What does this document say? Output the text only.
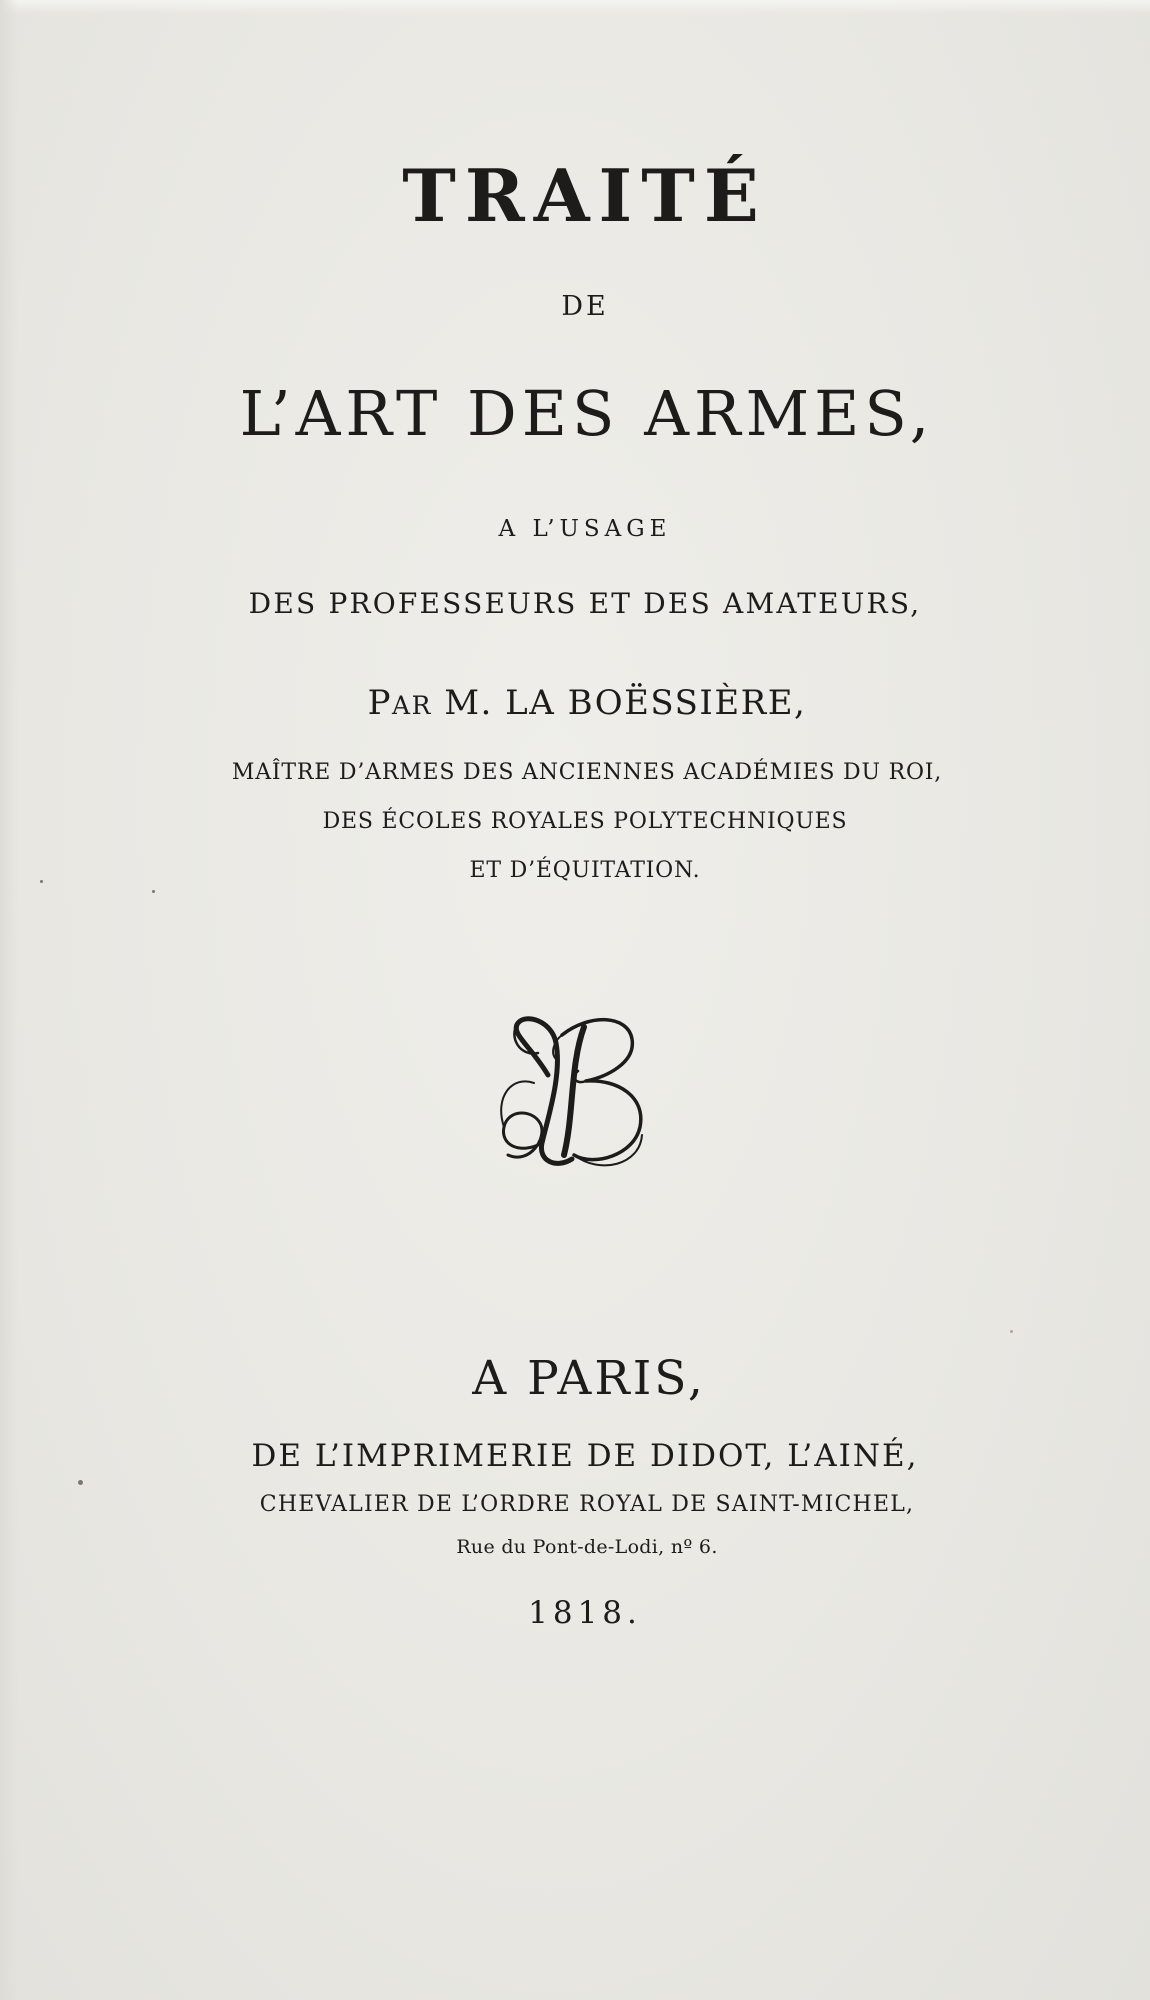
TRAITÉ
DE
L’ART DES ARMES,
A L’USAGE
DES PROFESSEURS ET DES AMATEURS,
PAR M. LA BOËSSIÈRE,
MAÎTRE D’ARMES DES ANCIENNES ACADÉMIES DU ROI,
DES ÉCOLES ROYALES POLYTECHNIQUES
ET D’ÉQUITATION.
A PARIS,
DE L’IMPRIMERIE DE DIDOT, L’AINÉ,
CHEVALIER DE L’ORDRE ROYAL DE SAINT-MICHEL,
Rue du Pont-de-Lodi, nº 6.
1818.
